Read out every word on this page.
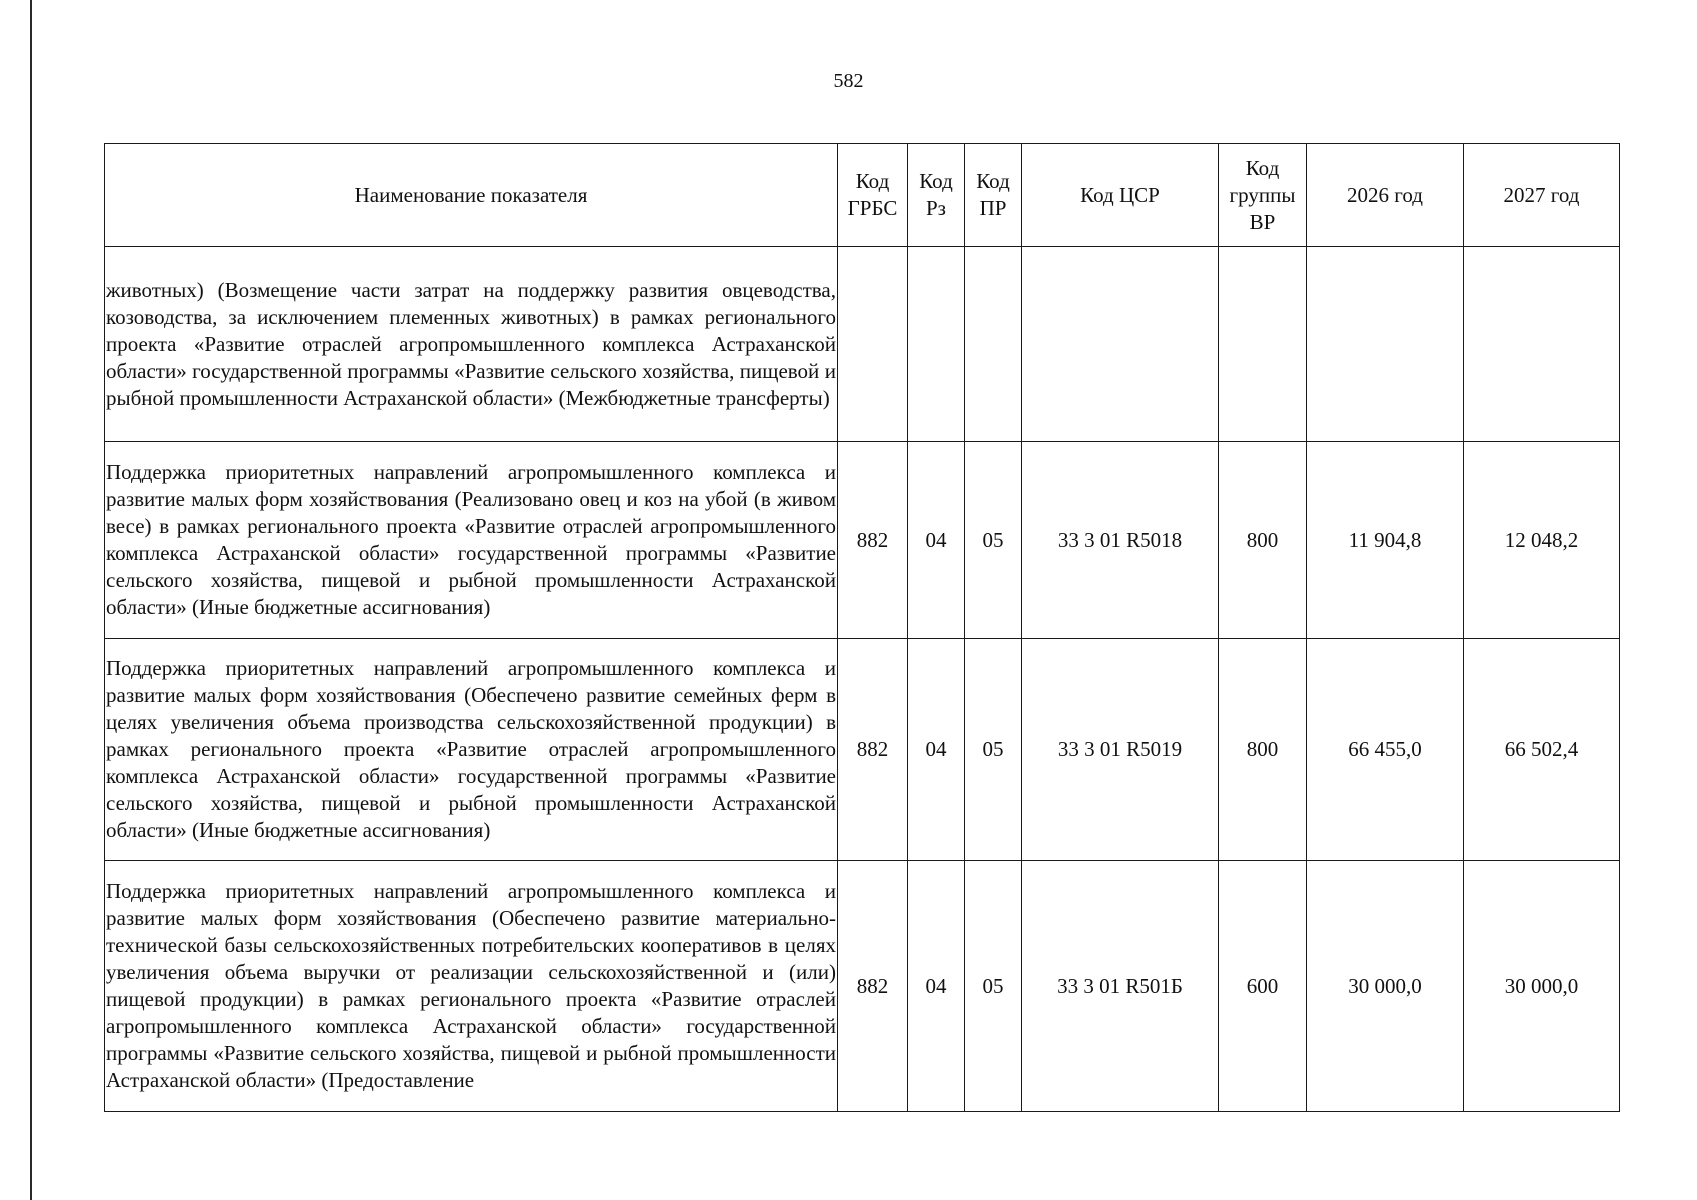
582
Наименование показателя	Код ГРБС	Код Рз	Код ПР	Код ЦСР	Код группы ВР	2026 год	2027 год
животных) (Возмещение части затрат на поддержку развития овцеводства, козоводства, за исключением племенных животных) в рамках регионального проекта «Развитие отраслей агропромышленного комплекса Астраханской области» государственной программы «Развитие сельского хозяйства, пищевой и рыбной промышленности Астраханской области» (Межбюджетные трансферты)							
Поддержка приоритетных направлений агропромышленного комплекса и развитие малых форм хозяйствования (Реализовано овец и коз на убой (в живом весе) в рамках регионального проекта «Развитие отраслей агропромышленного комплекса Астраханской области» государственной программы «Развитие сельского хозяйства, пищевой и рыбной промышленности Астраханской области» (Иные бюджетные ассигнования)	882	04	05	33 3 01 R5018	800	11 904,8	12 048,2
Поддержка приоритетных направлений агропромышленного комплекса и развитие малых форм хозяйствования (Обеспечено развитие семейных ферм в целях увеличения объема производства сельскохозяйственной продукции) в рамках регионального проекта «Развитие отраслей агропромышленного комплекса Астраханской области» государственной программы «Развитие сельского хозяйства, пищевой и рыбной промышленности Астраханской области» (Иные бюджетные ассигнования)	882	04	05	33 3 01 R5019	800	66 455,0	66 502,4

Поддержка приоритетных направлений агропромышленного комплекса и развитие малых форм хозяйствования (Обеспечено развитие материально-технической базы сельскохозяйственных потребительских кооперативов в целях увеличения объема выручки от реализации сельскохозяйственной и (или) пищевой продукции) в рамках регионального проекта «Развитие отраслей агропромышленного комплекса Астраханской области» государственной программы «Развитие сельского хозяйства, пищевой и рыбной промышленности Астраханской области» (Предоставление	882	04	05	33 3 01 R501Б	600	30 000,0	30 000,0
